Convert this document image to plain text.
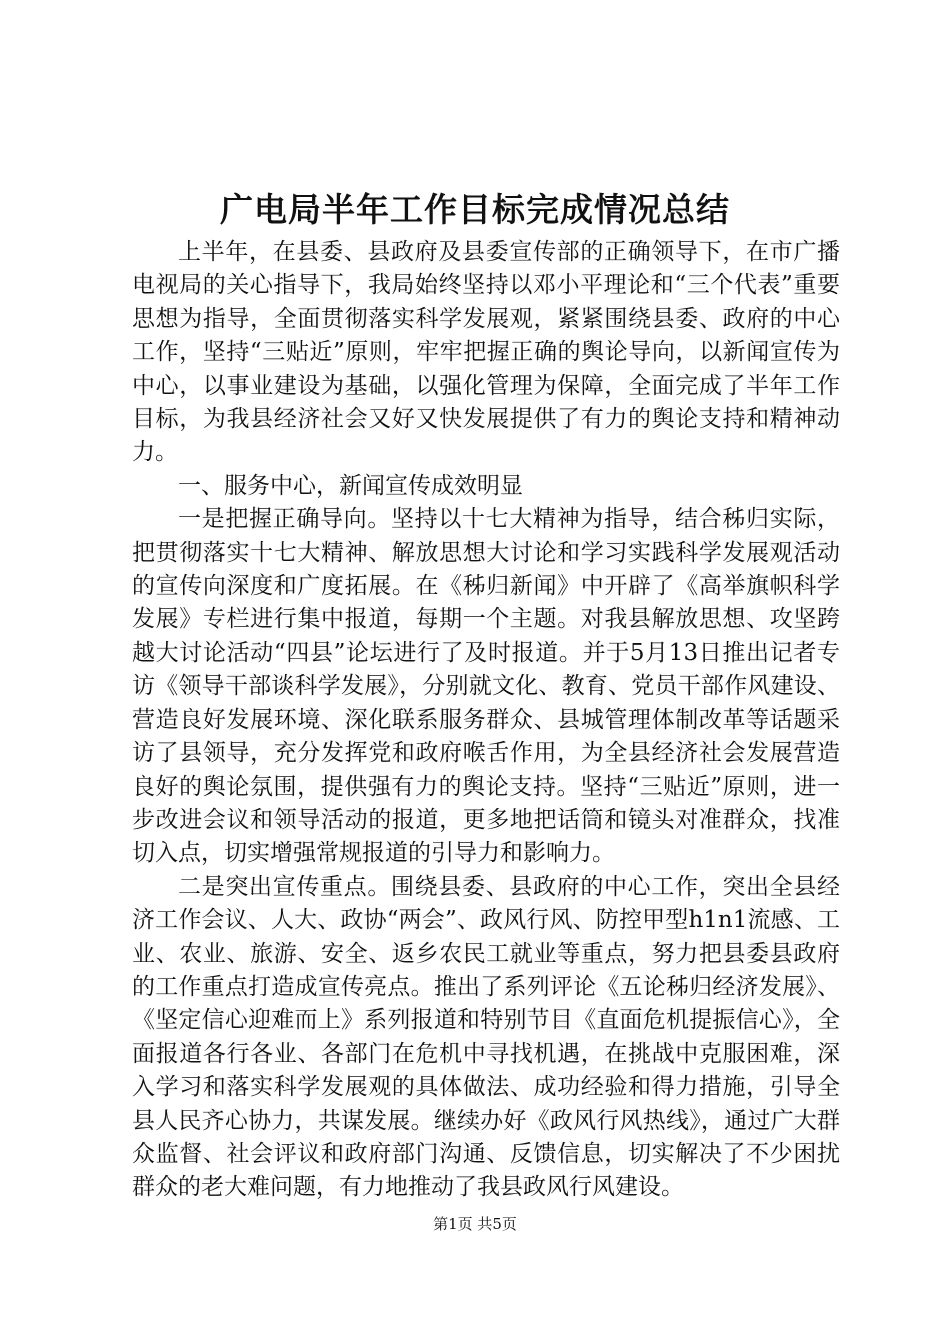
广电局半年工作目标完成情况总结

上半年，在县委、县政府及县委宣传部的正确领导下，在市广播电视局的关心指导下，我局始终坚持以邓小平理论和“三个代表”重要思想为指导，全面贯彻落实科学发展观，紧紧围绕县委、政府的中心工作，坚持“三贴近”原则，牢牢把握正确的舆论导向，以新闻宣传为中心，以事业建设为基础，以强化管理为保障，全面完成了半年工作目标，为我县经济社会又好又快发展提供了有力的舆论支持和精神动力。

一、服务中心，新闻宣传成效明显

一是把握正确导向。坚持以十七大精神为指导，结合秭归实际，把贯彻落实十七大精神、解放思想大讨论和学习实践科学发展观活动的宣传向深度和广度拓展。在《秭归新闻》中开辟了《高举旗帜科学发展》专栏进行集中报道，每期一个主题。对我县解放思想、攻坚跨越大讨论活动“四县”论坛进行了及时报道。并于5月13日推出记者专访《领导干部谈科学发展》，分别就文化、教育、党员干部作风建设、营造良好发展环境、深化联系服务群众、县城管理体制改革等话题采访了县领导，充分发挥党和政府喉舌作用，为全县经济社会发展营造良好的舆论氛围，提供强有力的舆论支持。坚持“三贴近”原则，进一步改进会议和领导活动的报道，更多地把话筒和镜头对准群众，找准切入点，切实增强常规报道的引导力和影响力。

二是突出宣传重点。围绕县委、县政府的中心工作，突出全县经济工作会议、人大、政协“两会”、政风行风、防控甲型h1n1流感、工业、农业、旅游、安全、返乡农民工就业等重点，努力把县委县政府的工作重点打造成宣传亮点。推出了系列评论《五论秭归经济发展》、《坚定信心迎难而上》系列报道和特别节目《直面危机提振信心》，全面报道各行各业、各部门在危机中寻找机遇，在挑战中克服困难，深入学习和落实科学发展观的具体做法、成功经验和得力措施，引导全县人民齐心协力，共谋发展。继续办好《政风行风热线》，通过广大群众监督、社会评议和政府部门沟通、反馈信息，切实解决了不少困扰群众的老大难问题，有力地推动了我县政风行风建设。

第1页 共5页
